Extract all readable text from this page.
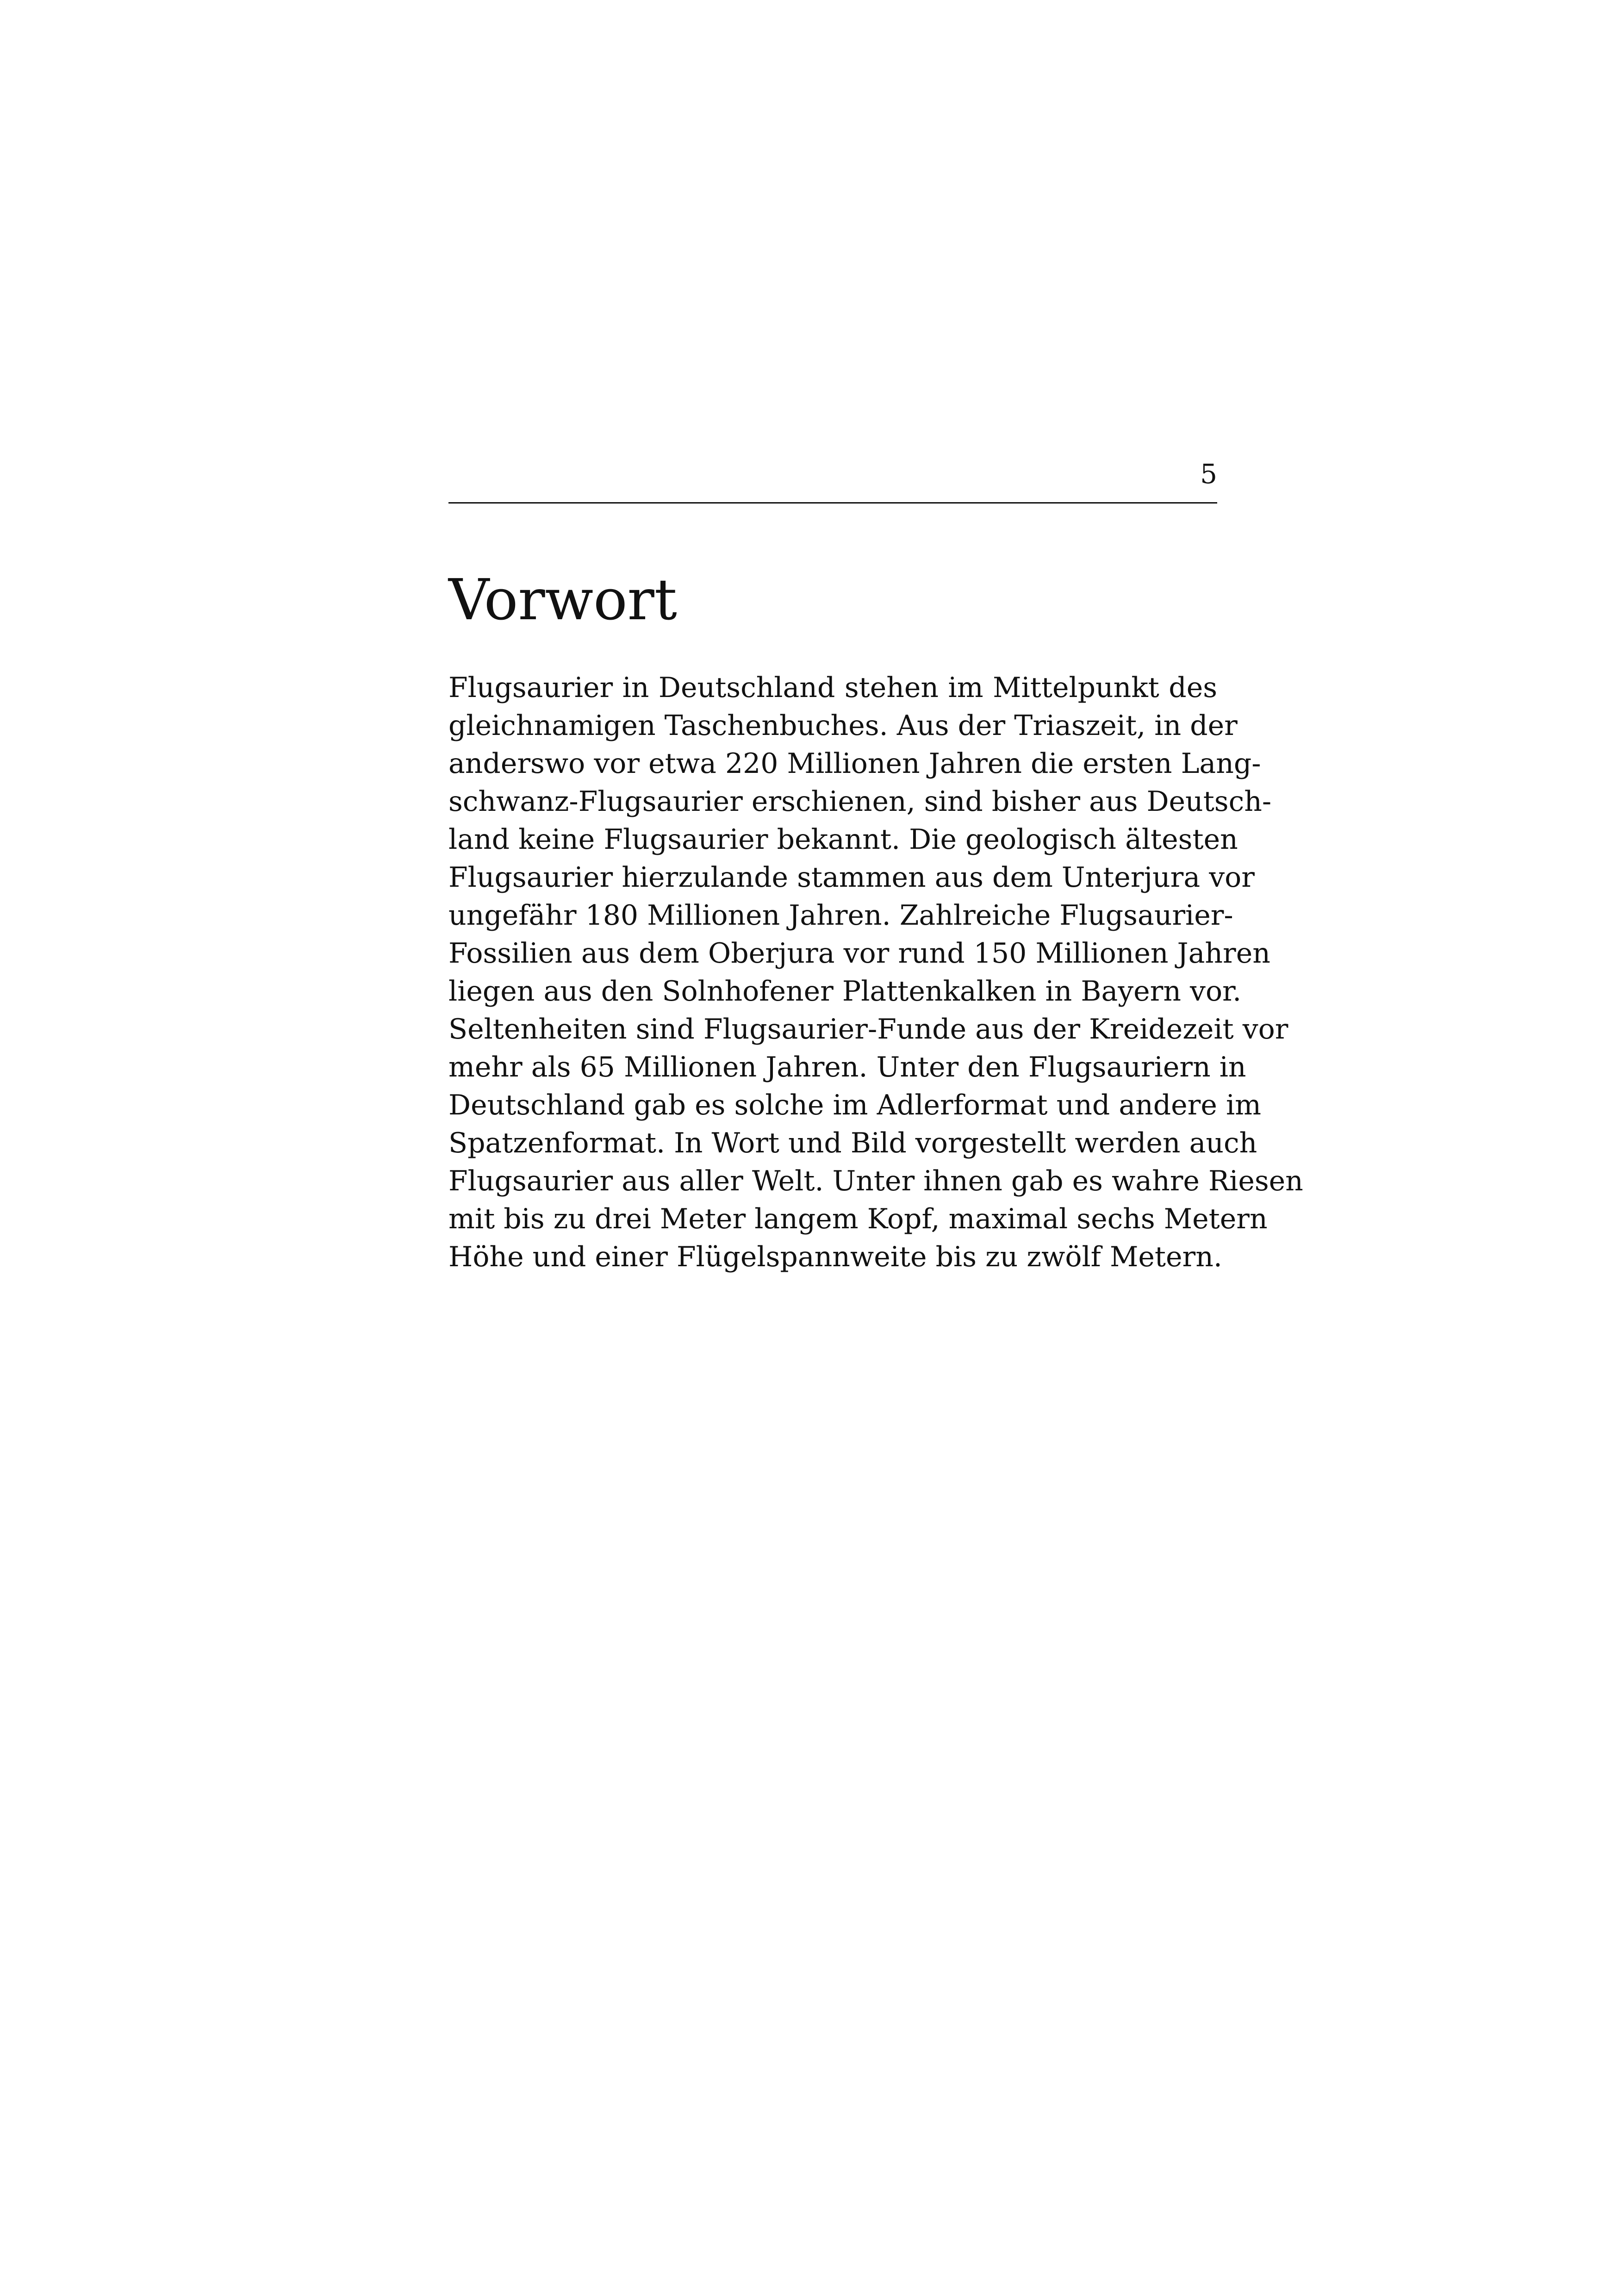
5
Vorwort
Flugsaurier in Deutschland stehen im Mittelpunkt des
gleichnamigen Taschenbuches. Aus der Triaszeit, in der
anderswo vor etwa 220 Millionen Jahren die ersten Lang-
schwanz-Flugsaurier erschienen, sind bisher aus Deutsch-
land keine Flugsaurier bekannt. Die geologisch ältesten
Flugsaurier hierzulande stammen aus dem Unterjura vor
ungefähr 180 Millionen Jahren. Zahlreiche Flugsaurier-
Fossilien aus dem Oberjura vor rund 150 Millionen Jahren
liegen aus den Solnhofener Plattenkalken in Bayern vor.
Seltenheiten sind Flugsaurier-Funde aus der Kreidezeit vor
mehr als 65 Millionen Jahren. Unter den Flugsauriern in
Deutschland gab es solche im Adlerformat und andere im
Spatzenformat. In Wort und Bild vorgestellt werden auch
Flugsaurier aus aller Welt. Unter ihnen gab es wahre Riesen
mit bis zu drei Meter langem Kopf, maximal sechs Metern
Höhe und einer Flügelspannweite bis zu zwölf Metern.
